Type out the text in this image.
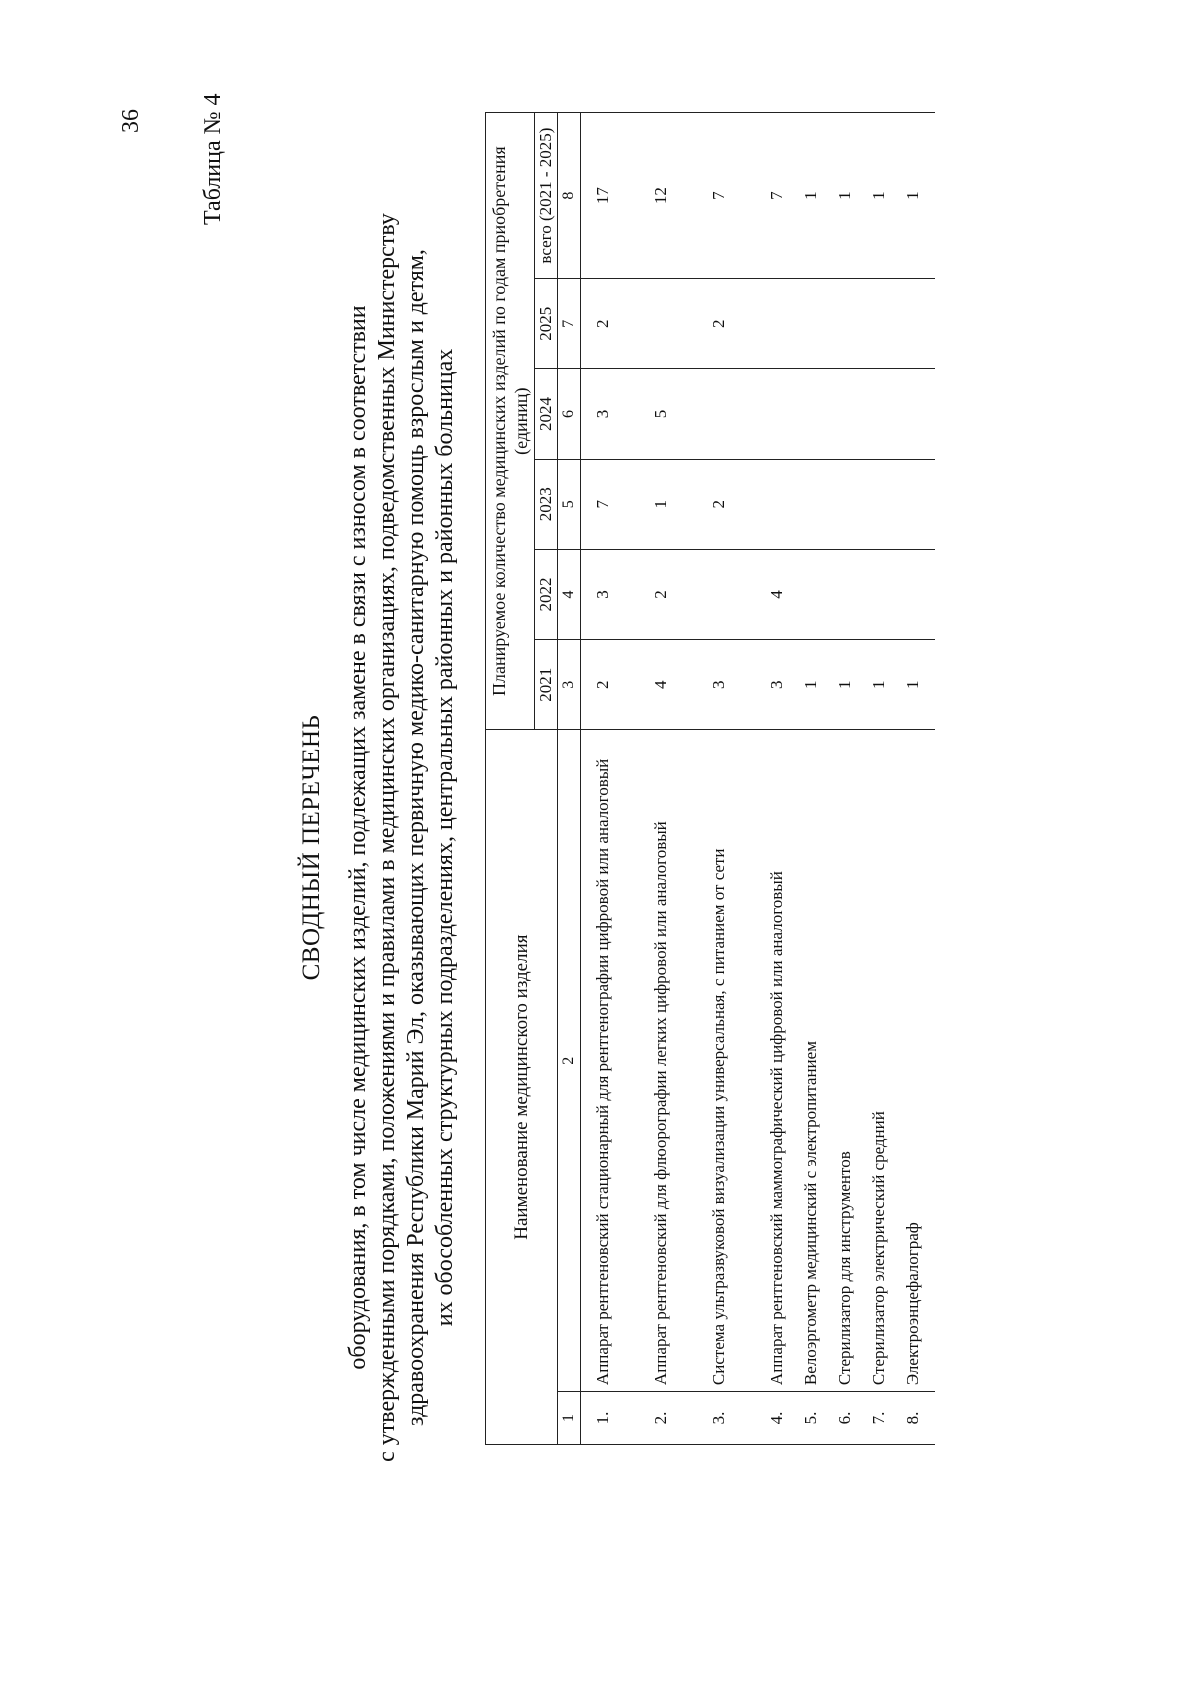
36 Таблица № 4
СВОДНЫЙ ПЕРЕЧЕНЬ оборудования, в том числе медицинских изделий, подлежащих замене в связи с износом в соответствии с утвержденными порядками, положениями и правилами в медицинских организациях, подведомственных Министерству здравоохранения Республики Марий Эл, оказывающих первичную медико-санитарную помощь взрослым и детям, их обособленных структурных подразделениях, центральных районных и районных больницах	Наименование медицинского изделия		Планируемое количество медицинских изделий по годам приобретения (единиц)					
		2021	2022	2023	2024	2025	всего (2021 - 2025)
1	2	3	4	5	6	7	8
1.	Аппарат рентгеновский стационарный для рентгенографии цифровой или аналоговый	2	3	7	3	2	17
2.	Аппарат рентгеновский для флюорографии легких цифровой или аналоговый	4	2	1	5		12
3.	Система ультразвуковой визуализации универсальная, с питанием от сети	3		2		2	7
4.	Аппарат рентгеновский маммографический цифровой или аналоговый	3	4				7
5.	Велоэргометр медицинский с электропитанием	1					1
6.	Стерилизатор для инструментов	1					1
7.	Стерилизатор электрический средний	1					1
8.	Электроэнцефалограф	1					1
